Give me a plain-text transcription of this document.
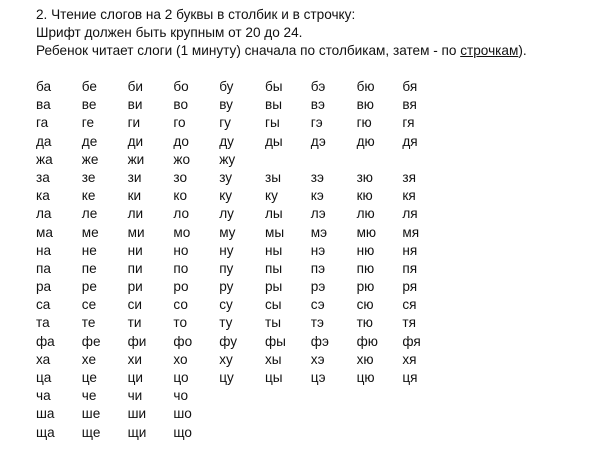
2. Чтение слогов на 2 буквы в столбик и в строчку:
Шрифт должен быть крупным от 20 до 24.
Ребенок читает слоги (1 минуту) сначала по столбикам, затем - по строчкам).
ба	бе	би	бо	бу	бы	бэ	бю	бя
ва	ве	ви	во	ву	вы	вэ	вю	вя
га	ге	ги	го	гу	гы	гэ	гю	гя
да	де	ди	до	ду	ды	дэ	дю	дя
жа	же	жи	жо	жу
за	зе	зи	зо	зу	зы	зэ	зю	зя
ка	ке	ки	ко	ку	ку	кэ	кю	кя
ла	ле	ли	ло	лу	лы	лэ	лю	ля
ма	ме	ми	мо	му	мы	мэ	мю	мя
на	не	ни	но	ну	ны	нэ	ню	ня
па	пе	пи	по	пу	пы	пэ	пю	пя
ра	ре	ри	ро	ру	ры	рэ	рю	ря
са	се	си	со	су	сы	сэ	сю	ся
та	те	ти	то	ту	ты	тэ	тю	тя
фа	фе	фи	фо	фу	фы	фэ	фю	фя
ха	хе	хи	хо	ху	хы	хэ	хю	хя
ца	це	ци	цо	цу	цы	цэ	цю	ця
ча	че	чи	чо
ша	ше	ши	шо
ща	ще	щи	що
